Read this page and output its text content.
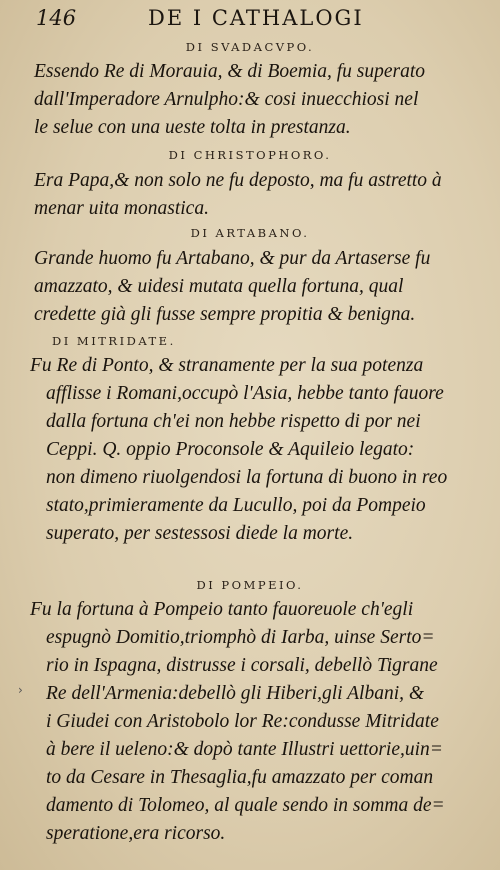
146	DE I CATHALOGI
DI SVADACVPO.
Essendo Re di Morauia, & di Boemia, fu superato
dall'Imperadore Arnulpho:& cosi inuecchiosi nel
le selue con una ueste tolta in prestanza.
DI CHRISTOPHORO.
Era Papa,& non solo ne fu deposto, ma fu astretto à
menar uita monastica.
DI ARTABANO.
Grande huomo fu Artabano, & pur da Artaserse fu
amazzato, & uidesi mutata quella fortuna, qual
credette già gli fusse sempre propitia & benigna.
DI MITRIDATE.
Fu Re di Ponto, & stranamente per la sua potenza
afflisse i Romani,occupò l'Asia, hebbe tanto fauore
dalla fortuna ch'ei non hebbe rispetto di por nei
Ceppi. Q. oppio Proconsole & Aquileio legato:
non dimeno riuolgendosi la fortuna di buono in reo
stato,primieramente da Lucullo, poi da Pompeio
superato, per sestessosi diede la morte.
DI POMPEIO.
Fu la fortuna à Pompeio tanto fauoreuole ch'egli
espugnò Domitio,triomphò di Iarba, uinse Serto=
rio in Ispagna, distrusse i corsali, debellò Tigrane
Re dell'Armenia:debellò gli Hiberi,gli Albani, &
i Giudei con Aristobolo lor Re:condusse Mitridate
à bere il ueleno:& dopò tante Illustri uettorie,uin=
to da Cesare in Thesaglia,fu amazzato per coman
damento di Tolomeo, al quale sendo in somma de=
speratione,era ricorso.
›
